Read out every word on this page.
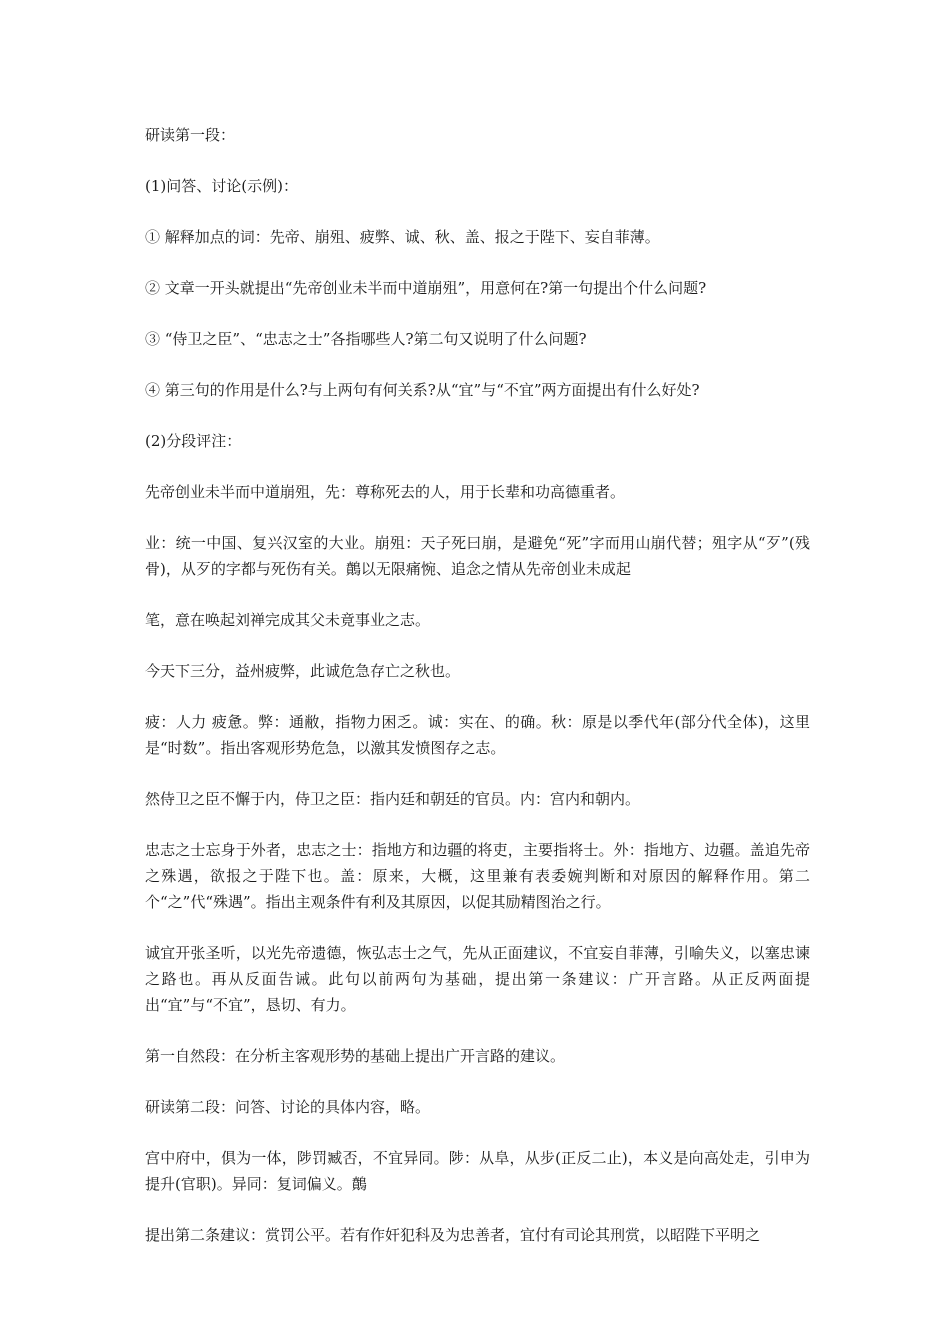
研读第一段：

(1)问答、讨论(示例)：

① 解释加点的词：先帝、崩殂、疲弊、诚、秋、盖、报之于陛下、妄自菲薄。

② 文章一开头就提出“先帝创业未半而中道崩殂”，用意何在?第一句提出个什么问题?

③ “侍卫之臣”、“忠志之士”各指哪些人?第二句又说明了什么问题?

④ 第三句的作用是什么?与上两句有何关系?从“宜”与“不宜”两方面提出有什么好处?

(2)分段评注：

先帝创业未半而中道崩殂，先：尊称死去的人，用于长辈和功高德重者。

业：统一中国、复兴汉室的大业。崩殂：天子死曰崩，是避免“死”字而用山崩代替；殂字从“歹”(残骨)，从歹的字都与死伤有关。䴅以无限痛惋、追念之情从先帝创业未成起

笔，意在唤起刘禅完成其父未竟事业之志。

今天下三分，益州疲弊，此诚危急存亡之秋也。

疲：人力 疲惫。弊：通敝，指物力困乏。诚：实在、的确。秋：原是以季代年(部分代全体)，这里是“时数”。指出客观形势危急，以激其发愤图存之志。

然侍卫之臣不懈于内，侍卫之臣：指内廷和朝廷的官员。内：宫内和朝内。

忠志之士忘身于外者，忠志之士：指地方和边疆的将吏，主要指将士。外：指地方、边疆。盖追先帝之殊遇，欲报之于陛下也。盖：原来，大概，这里兼有表委婉判断和对原因的解释作用。第二个“之”代“殊遇”。指出主观条件有利及其原因，以促其励精图治之行。

诚宜开张圣听，以光先帝遗德，恢弘志士之气，先从正面建议，不宜妄自菲薄，引喻失义，以塞忠谏之路也。再从反面告诫。此句以前两句为基础，提出第一条建议：广开言路。从正反两面提出“宜”与“不宜”，恳切、有力。

第一自然段：在分析主客观形势的基础上提出广开言路的建议。

研读第二段：问答、讨论的具体内容，略。

宫中府中，俱为一体，陟罚臧否，不宜异同。陟：从阜，从步(正反二止)，本义是向高处走，引申为提升(官职)。异同：复词偏义。䴅

提出第二条建议：赏罚公平。若有作奸犯科及为忠善者，宜付有司论其刑赏，以昭陛下平明之
